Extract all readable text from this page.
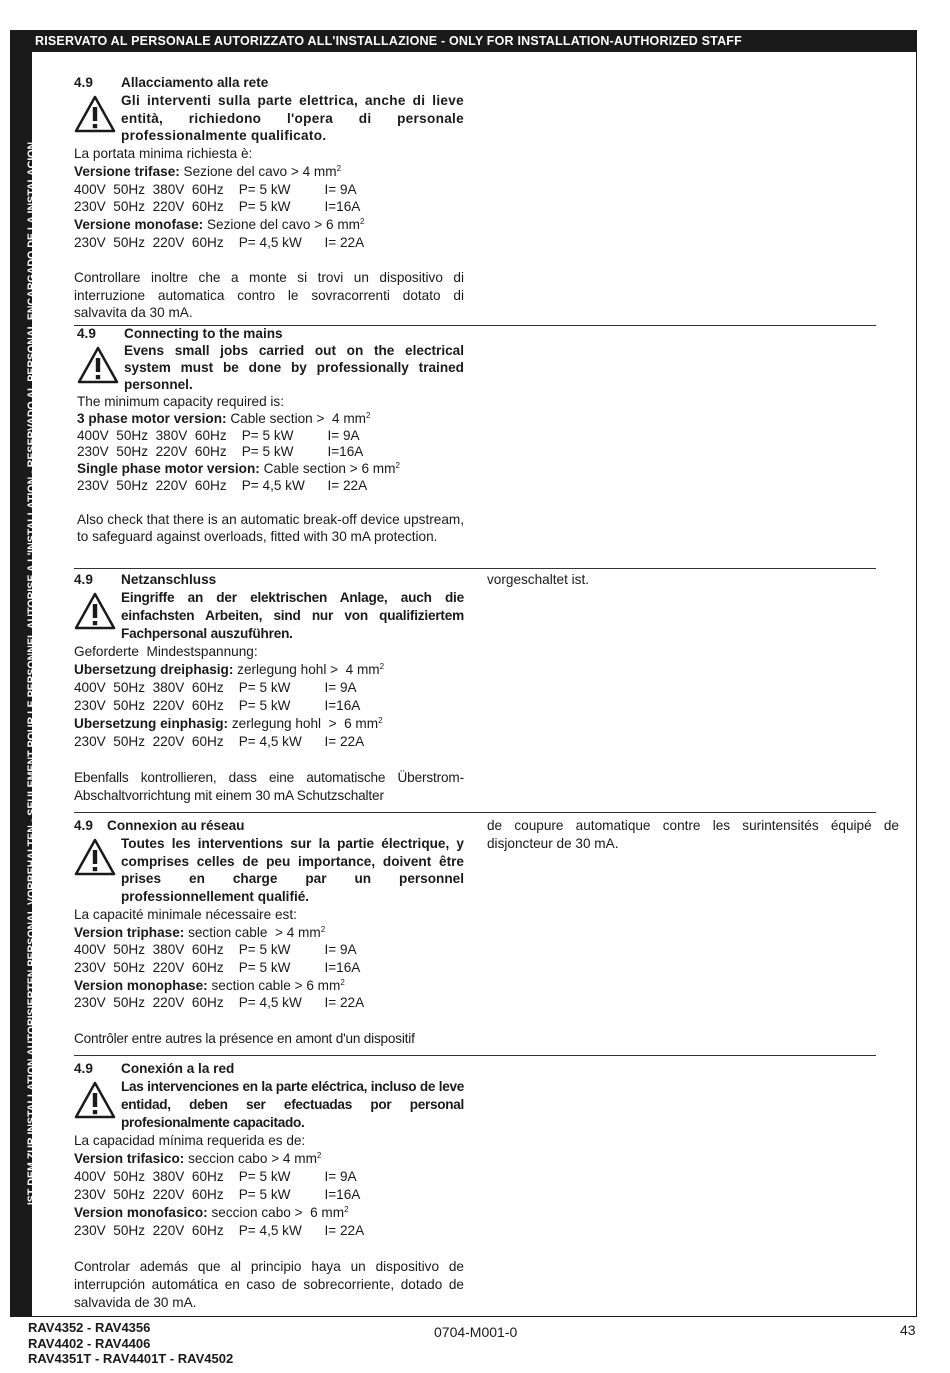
RISERVATO AL PERSONALE AUTORIZZATO ALL'INSTALLAZIONE - ONLY FOR INSTALLATION-AUTHORIZED STAFF
IST DEM ZUR INSTALLATION AUTORISIERTEN PERSONAL VORBEHALTEN - SEULEMENT POUR LE PERSONNEL AUTORISE A L'INSTALLATION - RESERVADO AL PERSONAL ENCARGADO DE LA INSTALACION
4.9 Allacciamento alla rete
Gli interventi sulla parte elettrica, anche di lieve entità, richiedono l'opera di personale professionalmente qualificato.
La portata minima richiesta è:
Versione trifase: Sezione del cavo > 4 $mm^2$
400V  50Hz  380V  60Hz    P= 5 kW         I= 9A
230V  50Hz  220V  60Hz    P= 5 kW         I=16A
Versione monofase: Sezione del cavo > 6 $mm^2$
230V  50Hz  220V  60Hz    P= 4,5 kW      I= 22A
Controllare inoltre che a monte si trovi un dispositivo di interruzione automatica contro le sovracorrenti dotato di salvavita da 30 mA.
4.9 Connecting to the mains
Evens small jobs carried out on the electrical system must be done by professionally trained personnel.
The minimum capacity required is:
3 phase motor version: Cable section >  4 $mm^2$
400V  50Hz  380V  60Hz    P= 5 kW         I= 9A
230V  50Hz  220V  60Hz    P= 5 kW         I=16A
Single phase motor version: Cable section > 6 $mm^2$
230V  50Hz  220V  60Hz    P= 4,5 kW      I= 22A
Also check that there is an automatic break-off device upstream, to safeguard against overloads, fitted with 30 mA protection.
4.9 Netzanschluss
Eingriffe an der elektrischen Anlage, auch die einfachsten Arbeiten, sind nur von qualifiziertem Fachpersonal auszuführen.
Geforderte  Mindestspannung:
Ubersetzung dreiphasig: zerlegung hohl >  4 $mm^2$
400V  50Hz  380V  60Hz    P= 5 kW         I= 9A
230V  50Hz  220V  60Hz    P= 5 kW         I=16A
Ubersetzung einphasig: zerlegung hohl  >  6 $mm^2$
230V  50Hz  220V  60Hz    P= 4,5 kW      I= 22A
Ebenfalls kontrollieren, dass eine automatische Überstrom-Abschaltvorrichtung mit einem 30 mA Schutzschalter
vorgeschaltet ist.
4.9 Connexion au réseau
Toutes les interventions sur la partie électrique, y comprises celles de peu importance, doivent être prises en charge par un personnel professionnellement qualifié.
La capacité minimale nécessaire est:
Version triphase: section cable  > 4 $mm^2$
400V  50Hz  380V  60Hz    P= 5 kW         I= 9A
230V  50Hz  220V  60Hz    P= 5 kW         I=16A
Version monophase: section cable > 6 $mm^2$
230V  50Hz  220V  60Hz    P= 4,5 kW      I= 22A
Contrôler entre autres la présence en amont d'un dispositif
de coupure automatique contre les surintensités équipé de disjoncteur de 30 mA.
4.9 Conexión a la red
Las intervenciones en la parte eléctrica, incluso de leve entidad, deben ser efectuadas por personal profesionalmente capacitado.
La capacidad mínima requerida es de:
Version trifasico: seccion cabo > 4 $mm^2$
400V  50Hz  380V  60Hz    P= 5 kW         I= 9A
230V  50Hz  220V  60Hz    P= 5 kW         I=16A
Version monofasico: seccion cabo >  6 $mm^2$
230V  50Hz  220V  60Hz    P= 4,5 kW      I= 22A
Controlar además que al principio haya un dispositivo de interrupción automática en caso de sobrecorriente, dotado de salvavida de 30 mA.
RAV4352 - RAV4356
RAV4402 - RAV4406
RAV4351T - RAV4401T - RAV4502
0704-M001-0	43
